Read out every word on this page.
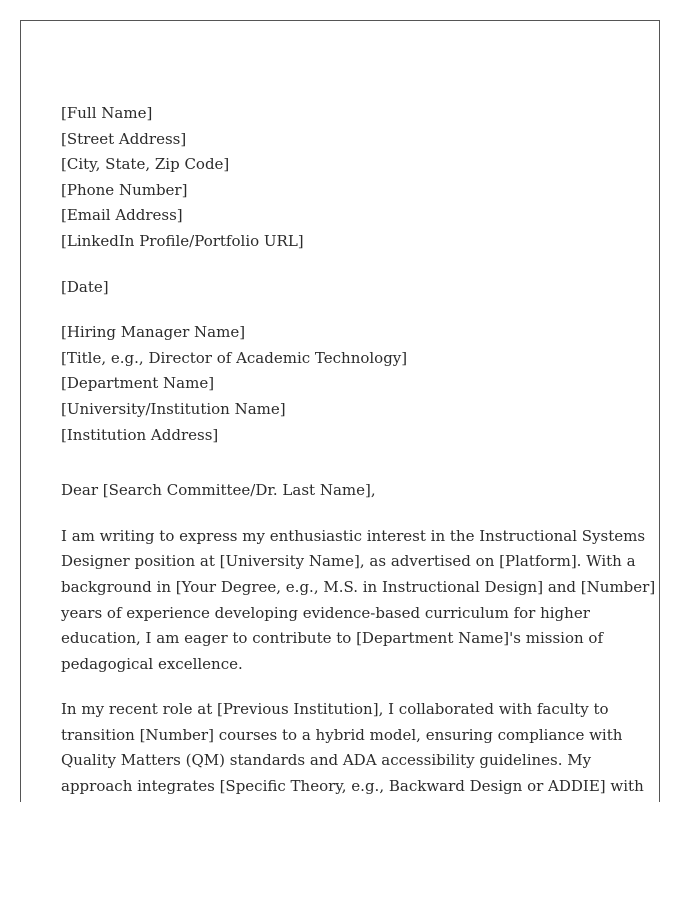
[Full Name]
[Street Address]
[City, State, Zip Code]
[Phone Number]
[Email Address]
[LinkedIn Profile/Portfolio URL]
[Date]
[Hiring Manager Name]
[Title, e.g., Director of Academic Technology]
[Department Name]
[University/Institution Name]
[Institution Address]
Dear [Search Committee/Dr. Last Name],
I am writing to express my enthusiastic interest in the Instructional Systems
Designer position at [University Name], as advertised on [Platform]. With a
background in [Your Degree, e.g., M.S. in Instructional Design] and [Number]
years of experience developing evidence-based curriculum for higher
education, I am eager to contribute to [Department Name]'s mission of
pedagogical excellence.
In my recent role at [Previous Institution], I collaborated with faculty to
transition [Number] courses to a hybrid model, ensuring compliance with
Quality Matters (QM) standards and ADA accessibility guidelines. My
approach integrates [Specific Theory, e.g., Backward Design or ADDIE] with
